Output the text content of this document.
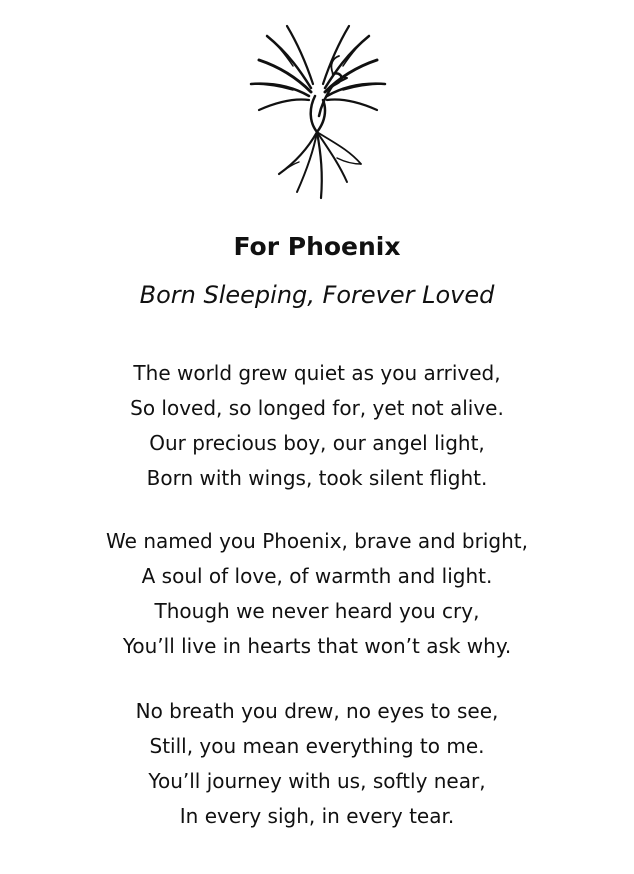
For Phoenix
Born Sleeping, Forever Loved
The world grew quiet as you arrived,
So loved, so longed for, yet not alive.
Our precious boy, our angel light,
Born with wings, took silent flight.
We named you Phoenix, brave and bright,
A soul of love, of warmth and light.
Though we never heard you cry,
You’ll live in hearts that won’t ask why.
No breath you drew, no eyes to see,
Still, you mean everything to me.
You’ll journey with us, softly near,
In every sigh, in every tear.
